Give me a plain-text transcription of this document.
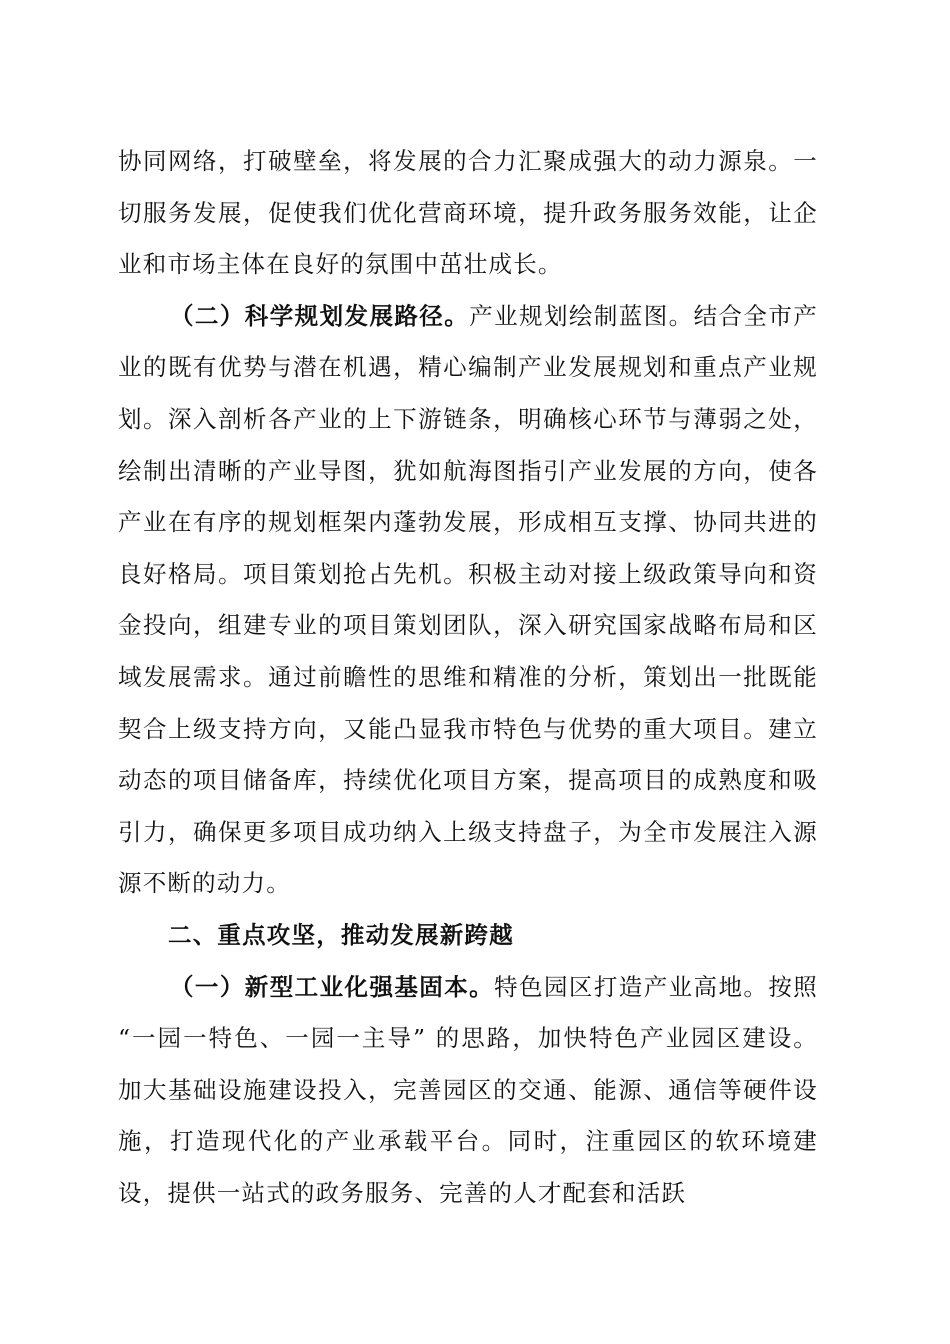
协同网络，打破壁垒，将发展的合力汇聚成强大的动力源泉。一切服务发展，促使我们优化营商环境，提升政务服务效能，让企业和市场主体在良好的氛围中茁壮成长。

（二）科学规划发展路径。产业规划绘制蓝图。结合全市产业的既有优势与潜在机遇，精心编制产业发展规划和重点产业规划。深入剖析各产业的上下游链条，明确核心环节与薄弱之处，绘制出清晰的产业导图，犹如航海图指引产业发展的方向，使各产业在有序的规划框架内蓬勃发展，形成相互支撑、协同共进的良好格局。项目策划抢占先机。积极主动对接上级政策导向和资金投向，组建专业的项目策划团队，深入研究国家战略布局和区域发展需求。通过前瞻性的思维和精准的分析，策划出一批既能契合上级支持方向，又能凸显我市特色与优势的重大项目。建立动态的项目储备库，持续优化项目方案，提高项目的成熟度和吸引力，确保更多项目成功纳入上级支持盘子，为全市发展注入源源不断的动力。

二、重点攻坚，推动发展新跨越

（一）新型工业化强基固本。特色园区打造产业高地。按照 “一园一特色、一园一主导” 的思路，加快特色产业园区建设。加大基础设施建设投入，完善园区的交通、能源、通信等硬件设施，打造现代化的产业承载平台。同时，注重园区的软环境建设，提供一站式的政务服务、完善的人才配套和活跃
